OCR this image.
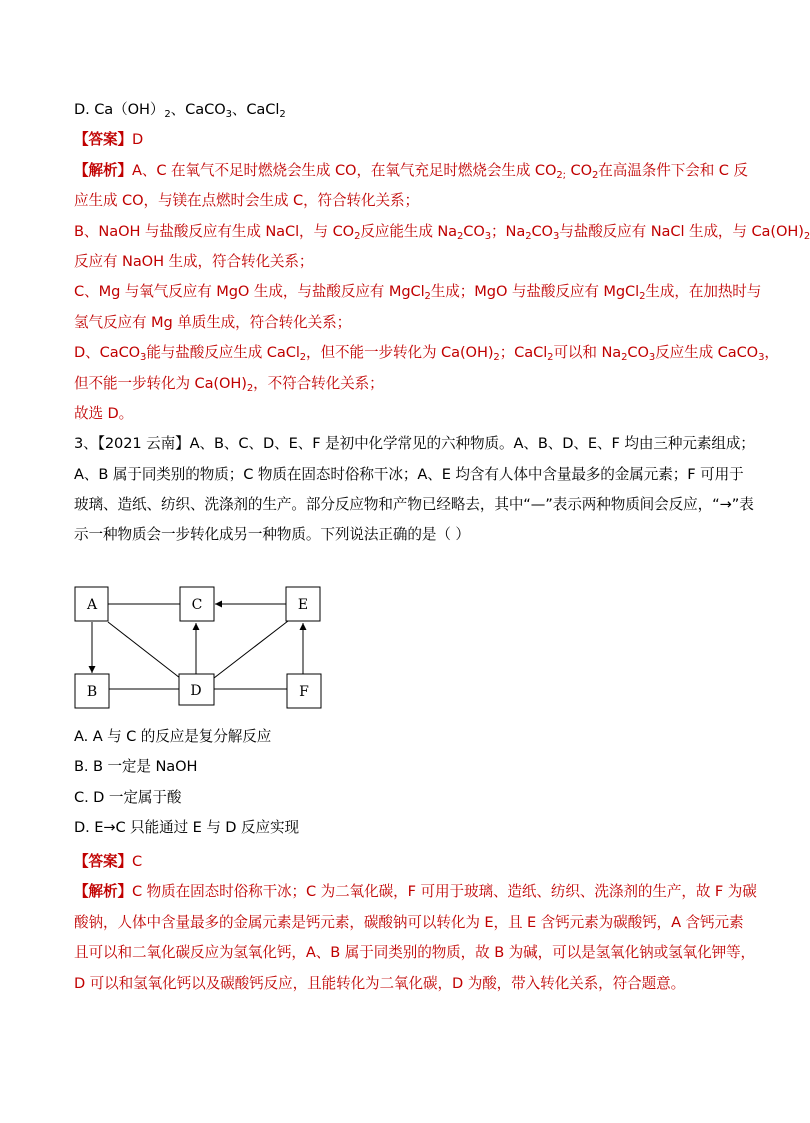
D. $Ca(OH)_2$、CaCO$_3$、CaCl$_2$
【答案】D
【解析】A、C 在氧气不足时燃烧会生成 CO，在氧气充足时燃烧会生成 $CO_{2;}$ $CO_2$在高温条件下会和 C 反
应生成 CO，与镁在点燃时会生成 C，符合转化关系；
B、NaOH 与盐酸反应有生成 NaCl，与 $CO_2$反应能生成 $Na_2CO_3$；$Na_2CO_3$与盐酸反应有 NaCl 生成，与 $Ca(OH)_2$
反应有 NaOH 生成，符合转化关系；
C、Mg 与氧气反应有 MgO 生成，与盐酸反应有 MgCl$_2$生成；MgO 与盐酸反应有 MgCl$_2$生成，在加热时与
氢气反应有 Mg 单质生成，符合转化关系；
D、CaCO$_3$能与盐酸反应生成 CaCl$_2$，但不能一步转化为 $Ca(OH)_2$；CaCl$_2$可以和 $Na_2CO_3$反应生成 CaCO$_3$，
但不能一步转化为 $Ca(OH)_2$，不符合转化关系；
故选 D。
3、【2021 云南】A、B、C、D、E、F 是初中化学常见的六种物质。A、B、D、E、F 均由三种元素组成；
A、B 属于同类别的物质；C 物质在固态时俗称干冰；A、E 均含有人体中含量最多的金属元素；F 可用于
玻璃、造纸、纺织、洗涤剂的生产。部分反应物和产物已经略去，其中“—”表示两种物质间会反应，“→”表
示一种物质会一步转化成另一种物质。下列说法正确的是（ ）
A	C	E
B	D	F
A. A 与 C 的反应是复分解反应
B. B 一定是 NaOH
C. D 一定属于酸
D. E→C 只能通过 E 与 D 反应实现
【答案】C
【解析】C 物质在固态时俗称干冰；C 为二氧化碳，F 可用于玻璃、造纸、纺织、洗涤剂的生产，故 F 为碳
酸钠，人体中含量最多的金属元素是钙元素，碳酸钠可以转化为 E，且 E 含钙元素为碳酸钙，A 含钙元素
且可以和二氧化碳反应为氢氧化钙，A、B 属于同类别的物质，故 B 为碱，可以是氢氧化钠或氢氧化钾等，
D 可以和氢氧化钙以及碳酸钙反应，且能转化为二氧化碳，D 为酸，带入转化关系，符合题意。
